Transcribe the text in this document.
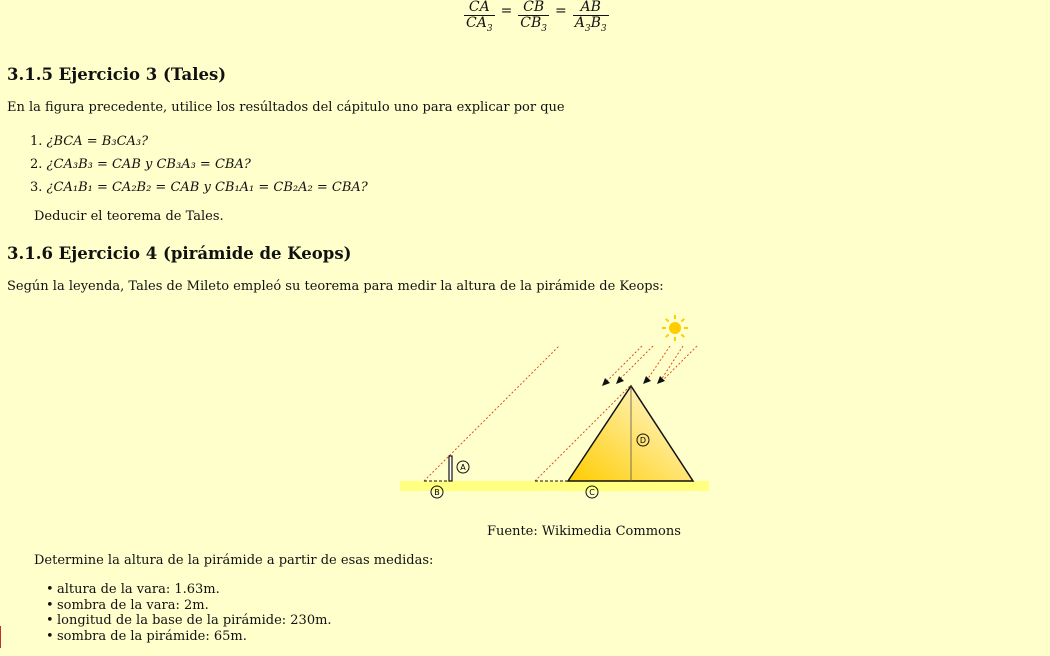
$\frac{CA}{CA_3} = \frac{CB}{CB_3} = \frac{AB}{A_3B_3}$
3.1.5 Ejercicio 3 (Tales)

En la figura precedente, utilice los resúltados del cápitulo uno para explicar por que

1. ¿BCA = B₃CA₃?
2. ¿CA₃B₃ = CAB y CB₃A₃ = CBA?
3. ¿CA₁B₁ = CA₂B₂ = CAB y CB₁A₁ = CB₂A₂ = CBA?

Deducir el teorema de Tales.

3.1.6 Ejercicio 4 (pirámide de Keops)

Según la leyenda, Tales de Mileto empleó su teorema para medir la altura de la pirámide de Keops:

A
B	C
D
Fuente: Wikimedia Commons

Determine la altura de la pirámide a partir de esas medidas:

• altura de la vara: 1.63m.
• sombra de la vara: 2m.
• longitud de la base de la pirámide: 230m.
• sombra de la pirámide: 65m.
